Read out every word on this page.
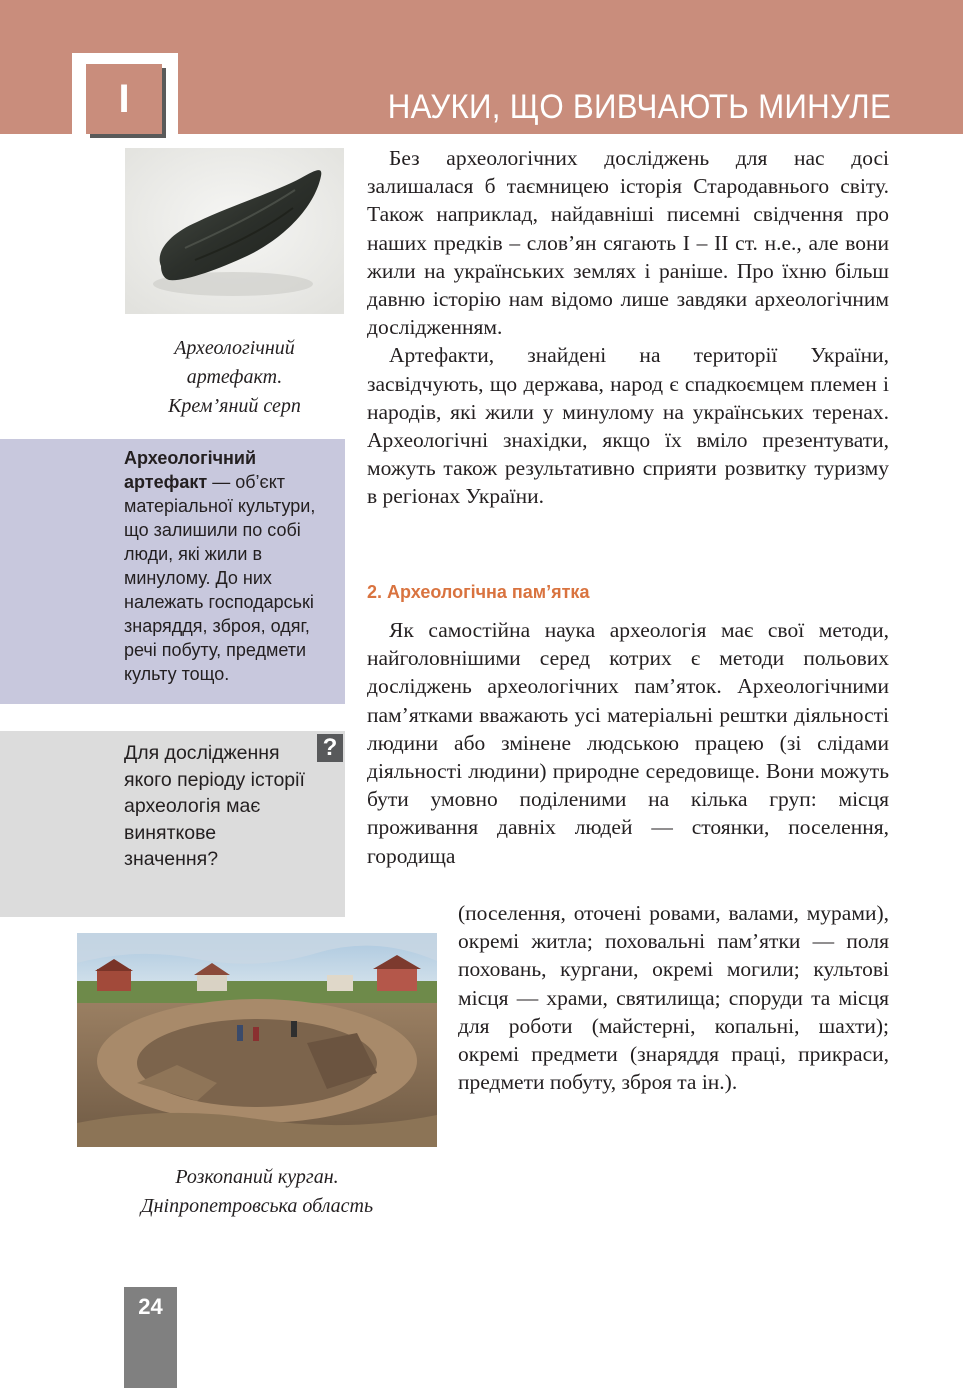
I	НАУКИ, ЩО ВИВЧАЮТЬ МИНУЛЕ
Археологічний
артефакт.
Крем’яний серп
Археологічний артефакт — об’єкт матеріальної культури, що залишили по собі люди, які жили в минулому. До них належать господарські знаряддя, зброя, одяг, речі побуту, предмети культу тощо.
?
Для дослідження якого періоду історії археологія має виняткове значення?
Розкопаний курган.
Дніпропетровська область

Без археологічних досліджень для нас досі залишалася б таємницею історія Стародавнього світу. Також наприклад, найдавніші писемні свідчення про наших предків – слов’ян сягають І – ІІ ст. н.е., але вони жили на українських землях і раніше. Про їхню більш давню історію нам відомо лише завдяки археологічним дослідженням.

Артефакти, знайдені на території України, засвідчують, що держава, народ є спадкоємцем племен і народів, які жили у минулому на українських теренах. Археологічні знахідки, якщо їх вміло презентувати, можуть також результативно сприяти розвитку туризму в регіонах України.

2. Археологічна пам’ятка

Як самостійна наука археологія має свої методи, найголовнішими серед котрих є методи польових досліджень археологічних пам’яток. Археологічними пам’ятками вважають усі матеріальні рештки діяльності людини або змінене людською працею (зі слідами діяльності людини) природне середовище. Вони можуть бути умовно поділеними на кілька груп: місця проживання давніх людей — стоянки, поселення, городища

(поселення, оточені ровами, валами, мурами), окремі житла; поховальні пам’ятки — поля поховань, кургани, окремі могили; культові місця — храми, святилища; споруди та місця для роботи (майстерні, копальні, шахти); окремі предмети (знаряддя праці, прикраси, предмети побуту, зброя та ін.).
24
